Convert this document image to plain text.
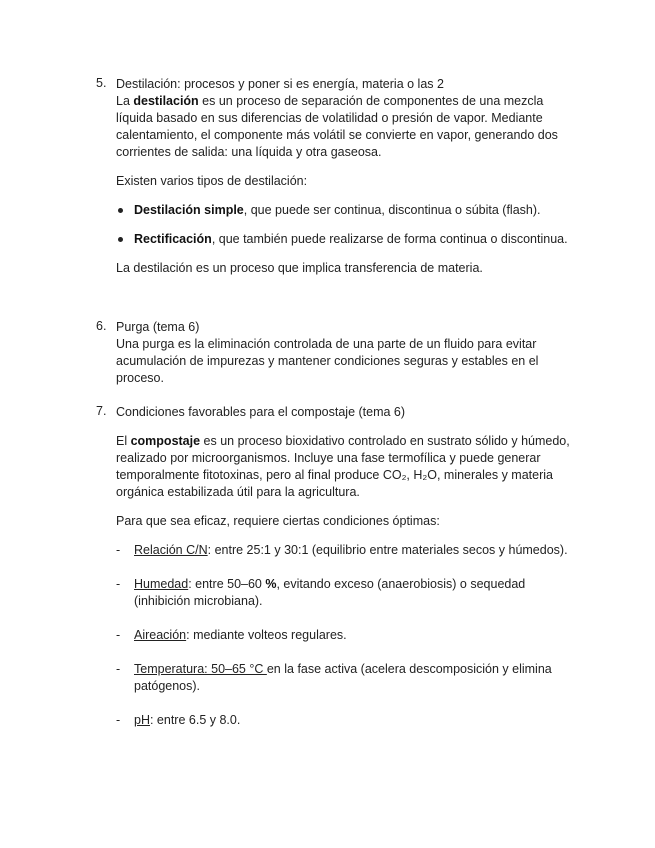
5. Destilación: procesos y poner si es energía, materia o las 2

La destilación es un proceso de separación de componentes de una mezcla líquida basado en sus diferencias de volatilidad o presión de vapor. Mediante calentamiento, el componente más volátil se convierte en vapor, generando dos corrientes de salida: una líquida y otra gaseosa.

Existen varios tipos de destilación:

Destilación simple, que puede ser continua, discontinua o súbita (flash).
Rectificación, que también puede realizarse de forma continua o discontinua.

La destilación es un proceso que implica transferencia de materia.

6. Purga (tema 6)

Una purga es la eliminación controlada de una parte de un fluido para evitar acumulación de impurezas y mantener condiciones seguras y estables en el proceso.

7. Condiciones favorables para el compostaje (tema 6)

El compostaje es un proceso bioxidativo controlado en sustrato sólido y húmedo, realizado por microorganismos. Incluye una fase termofílica y puede generar temporalmente fitotoxinas, pero al final produce CO₂, H₂O, minerales y materia orgánica estabilizada útil para la agricultura.

Para que sea eficaz, requiere ciertas condiciones óptimas:

-	Relación C/N: entre 25:1 y 30:1 (equilibrio entre materiales secos y húmedos).
-	Humedad: entre 50–60 %, evitando exceso (anaerobiosis) o sequedad (inhibición microbiana).
-	Aireación: mediante volteos regulares.
-	Temperatura: 50–65 °C en la fase activa (acelera descomposición y elimina patógenos).
-	pH: entre 6.5 y 8.0.
